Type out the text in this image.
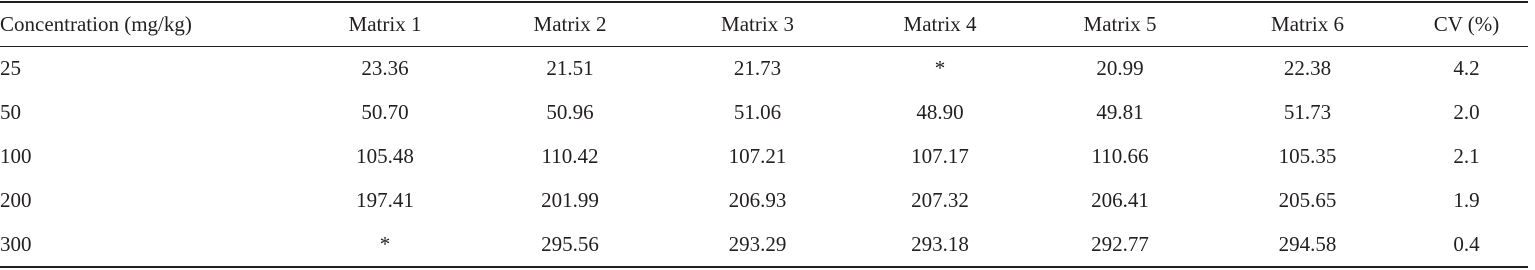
Concentration (mg/kg)	Matrix 1	Matrix 2	Matrix 3	Matrix 4	Matrix 5	Matrix 6	CV (%)
25	23.36	21.51	21.73	*	20.99	22.38	4.2
50	50.70	50.96	51.06	48.90	49.81	51.73	2.0
100	105.48	110.42	107.21	107.17	110.66	105.35	2.1
200	197.41	201.99	206.93	207.32	206.41	205.65	1.9
300	*	295.56	293.29	293.18	292.77	294.58	0.4
